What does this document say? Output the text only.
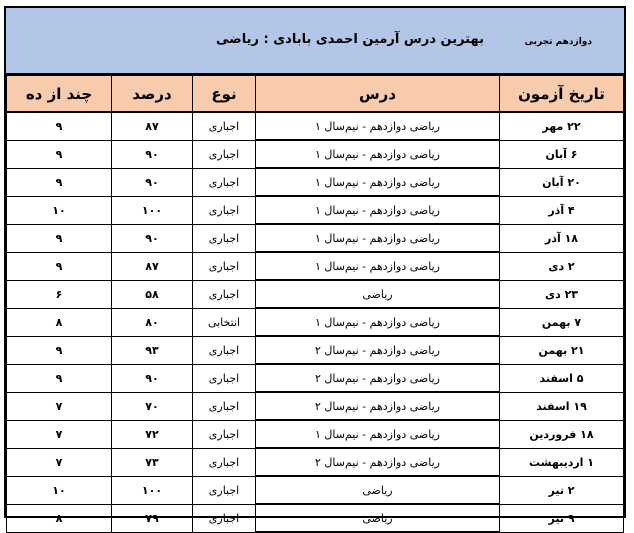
بهترین درس آرمین احمدی بابادی : ریاضی	دوازدهم تجربی
تاریخ آزمون	درس	نوع	درصد	چند از ده
۲۲ مهر	ریاضی دوازدهم - نیم‌سال ۱	اجباری	۸۷	۹
۶ آبان	ریاضی دوازدهم - نیم‌سال ۱	اجباری	۹۰	۹
۲۰ آبان	ریاضی دوازدهم - نیم‌سال ۱	اجباری	۹۰	۹
۴ آذر	ریاضی دوازدهم - نیم‌سال ۱	اجباری	۱۰۰	۱۰
۱۸ آذر	ریاضی دوازدهم - نیم‌سال ۱	اجباری	۹۰	۹
۲ دی	ریاضی دوازدهم - نیم‌سال ۱	اجباری	۸۷	۹
۲۳ دی	ریاضی	اجباری	۵۸	۶
۷ بهمن	ریاضی دوازدهم - نیم‌سال ۱	انتخابی	۸۰	۸
۲۱ بهمن	ریاضی دوازدهم - نیم‌سال ۲	اجباری	۹۳	۹
۵ اسفند	ریاضی دوازدهم - نیم‌سال ۲	اجباری	۹۰	۹
۱۹ اسفند	ریاضی دوازدهم - نیم‌سال ۲	اجباری	۷۰	۷
۱۸ فروردین	ریاضی دوازدهم - نیم‌سال ۱	اجباری	۷۲	۷
۱ اردیبهشت	ریاضی دوازدهم - نیم‌سال ۲	اجباری	۷۳	۷
۲ تیر	ریاضی	اجباری	۱۰۰	۱۰
۹ تیر	ریاضی	اجباری	۷۹	۸
